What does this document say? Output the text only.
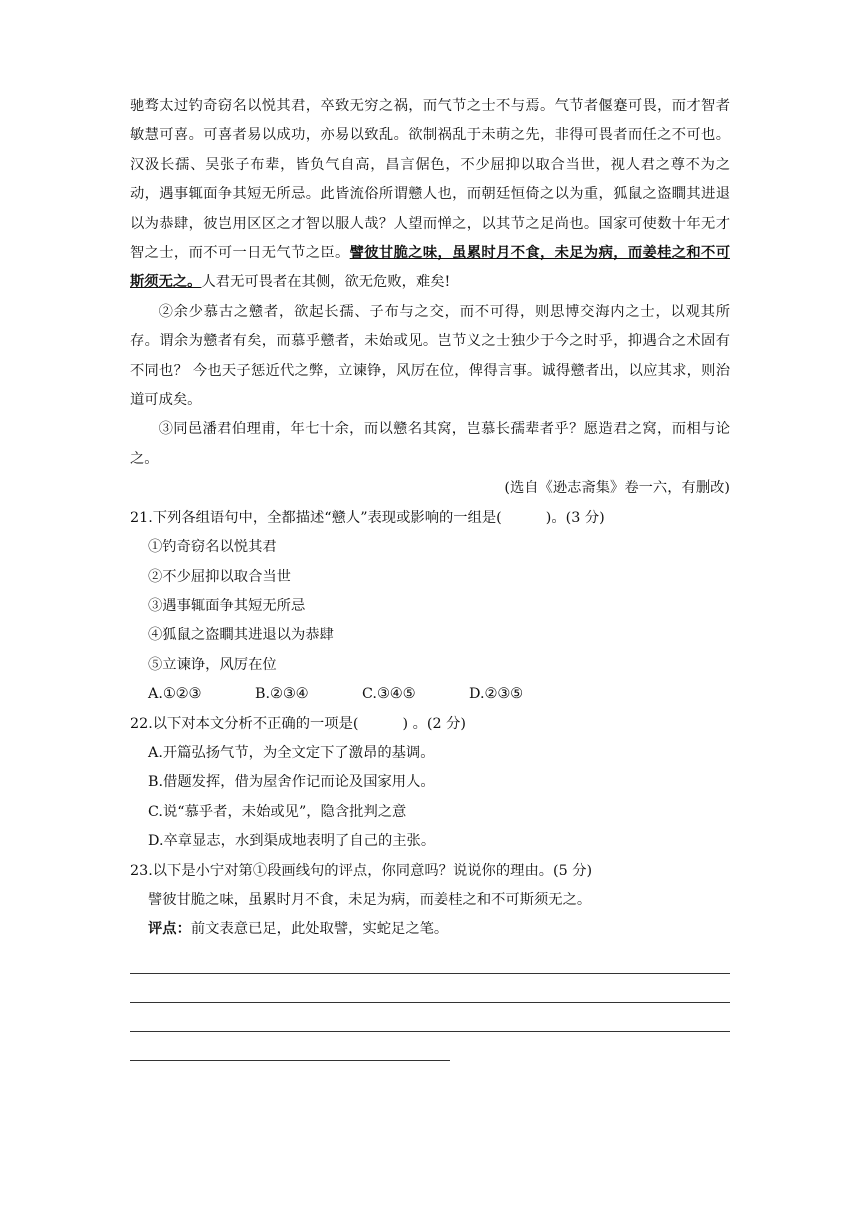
驰骛太过钓奇窃名以悦其君，卒致无穷之祸，而气节之士不与焉。气节者偃蹇可畏，而才智者敏慧可喜。可喜者易以成功，亦易以致乱。欲制祸乱于未萌之先，非得可畏者而任之不可也。汉汲长孺、吴张子布辈，皆负气自高，昌言倨色，不少屈抑以取合当世，视人君之尊不为之动，遇事辄面争其短无所忌。此皆流俗所谓戆人也，而朝廷恒倚之以为重，狐鼠之盗瞷其进退以为恭肆，彼岂用区区之才智以服人哉？人望而惮之，以其节之足尚也。国家可使数十年无才智之士，而不可一日无气节之臣。譬彼甘脆之味，虽累时月不食，未足为病，而姜桂之和不可斯须无之。人君无可畏者在其侧，欲无危败，难矣!

②余少慕古之戆者，欲起长孺、子布与之交，而不可得，则思博交海内之士，以观其所存。谓余为戆者有矣，而慕乎戆者，未始或见。岂节义之士独少于今之时乎，抑遇合之术固有不同也？ 今也天子惩近代之弊，立谏铮，风厉在位，俾得言事。诚得戆者出，以应其求，则治道可成矣。

③同邑潘君伯理甫，年七十余，而以戆名其窝，岂慕长孺辈者乎？愿造君之窝，而相与论之。

(选自《逊志斋集》卷一六，有删改)

21.下列各组语句中，全都描述“戆人”表现或影响的一组是(	)。(3 分)

①钓奇窃名以悦其君

②不少屈抑以取合当世

③遇事辄面争其短无所忌

④狐鼠之盗瞷其进退以为恭肆

⑤立谏诤，风厉在位

A.①②③	B.②③④	C.③④⑤	D.②③⑤

22.以下对本文分析不正确的一项是(	) 。(2 分)

A.开篇弘扬气节，为全文定下了激昂的基调。

B.借题发挥，借为屋舍作记而论及国家用人。

C.说“慕乎者，未始或见”，隐含批判之意

D.卒章显志，水到渠成地表明了自己的主张。

23.以下是小宁对第①段画线句的评点，你同意吗？说说你的理由。(5 分)

譬彼甘脆之味，虽累时月不食，未足为病，而姜桂之和不可斯须无之。

评点：前文表意已足，此处取譬，实蛇足之笔。
